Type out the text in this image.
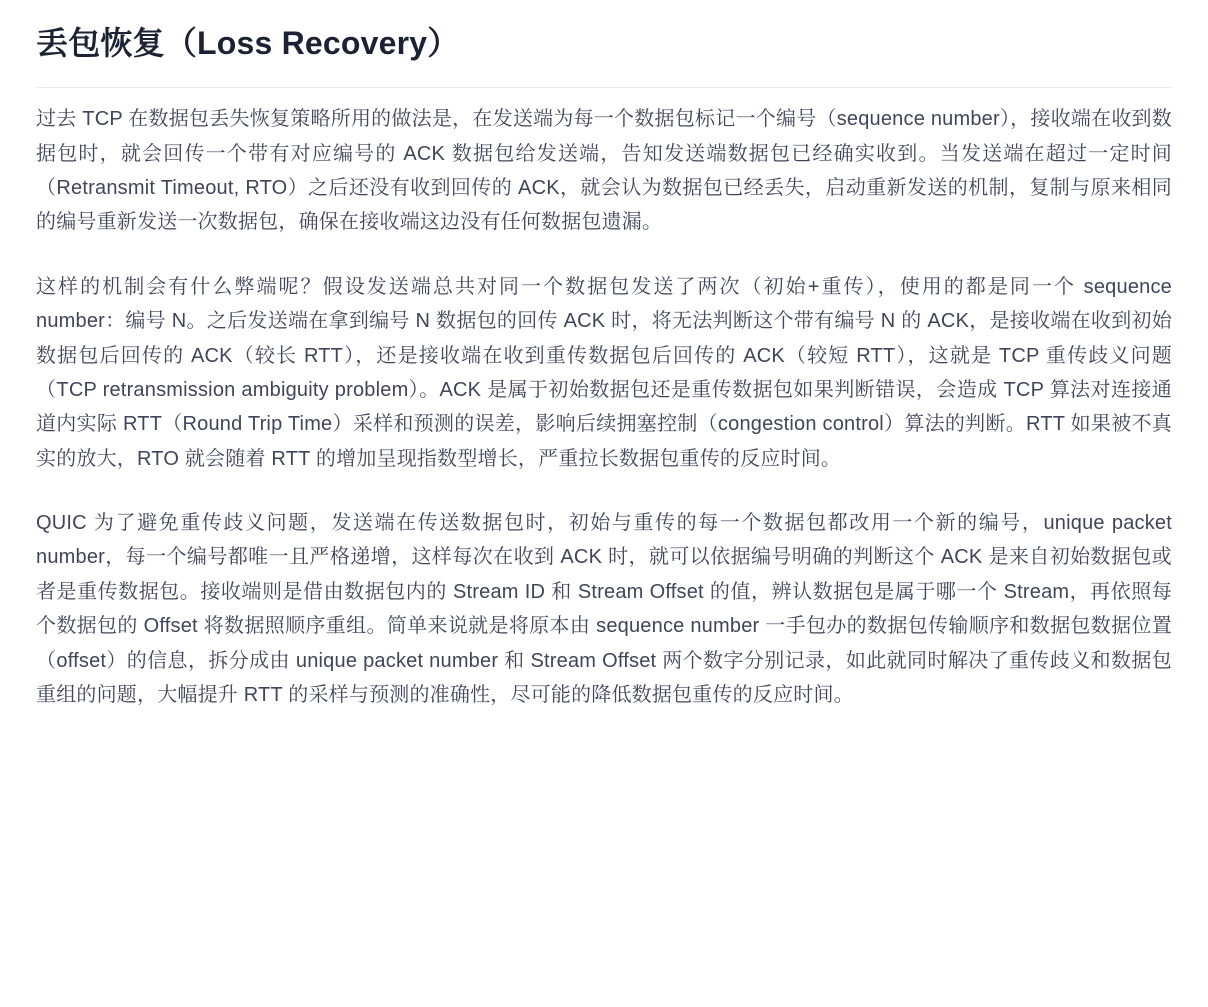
丢包恢复（Loss Recovery）

过去 TCP 在数据包丢失恢复策略所用的做法是，在发送端为每一个数据包标记一个编号（sequence number），接收端在收到数据包时，就会回传一个带有对应编号的 ACK 数据包给发送端，告知发送端数据包已经确实收到。当发送端在超过一定时间（Retransmit Timeout, RTO）之后还没有收到回传的 ACK，就会认为数据包已经丢失，启动重新发送的机制，复制与原来相同的编号重新发送一次数据包，确保在接收端这边没有任何数据包遗漏。

这样的机制会有什么弊端呢？假设发送端总共对同一个数据包发送了两次（初始+重传），使用的都是同一个 sequence number：编号 N。之后发送端在拿到编号 N 数据包的回传 ACK 时，将无法判断这个带有编号 N 的 ACK，是接收端在收到初始数据包后回传的 ACK（较长 RTT），还是接收端在收到重传数据包后回传的 ACK（较短 RTT），这就是 TCP 重传歧义问题（TCP retransmission ambiguity problem）。ACK 是属于初始数据包还是重传数据包如果判断错误，会造成 TCP 算法对连接通道内实际 RTT（Round Trip Time）采样和预测的误差，影响后续拥塞控制（congestion control）算法的判断。RTT 如果被不真实的放大，RTO 就会随着 RTT 的增加呈现指数型增长，严重拉长数据包重传的反应时间。

QUIC 为了避免重传歧义问题，发送端在传送数据包时，初始与重传的每一个数据包都改用一个新的编号，unique packet number，每一个编号都唯一且严格递增，这样每次在收到 ACK 时，就可以依据编号明确的判断这个 ACK 是来自初始数据包或者是重传数据包。接收端则是借由数据包内的 Stream ID 和 Stream Offset 的值，辨认数据包是属于哪一个 Stream，再依照每个数据包的 Offset 将数据照顺序重组。简单来说就是将原本由 sequence number 一手包办的数据包传输顺序和数据包数据位置（offset）的信息，拆分成由 unique packet number 和 Stream Offset 两个数字分别记录，如此就同时解决了重传歧义和数据包重组的问题，大幅提升 RTT 的采样与预测的准确性，尽可能的降低数据包重传的反应时间。
